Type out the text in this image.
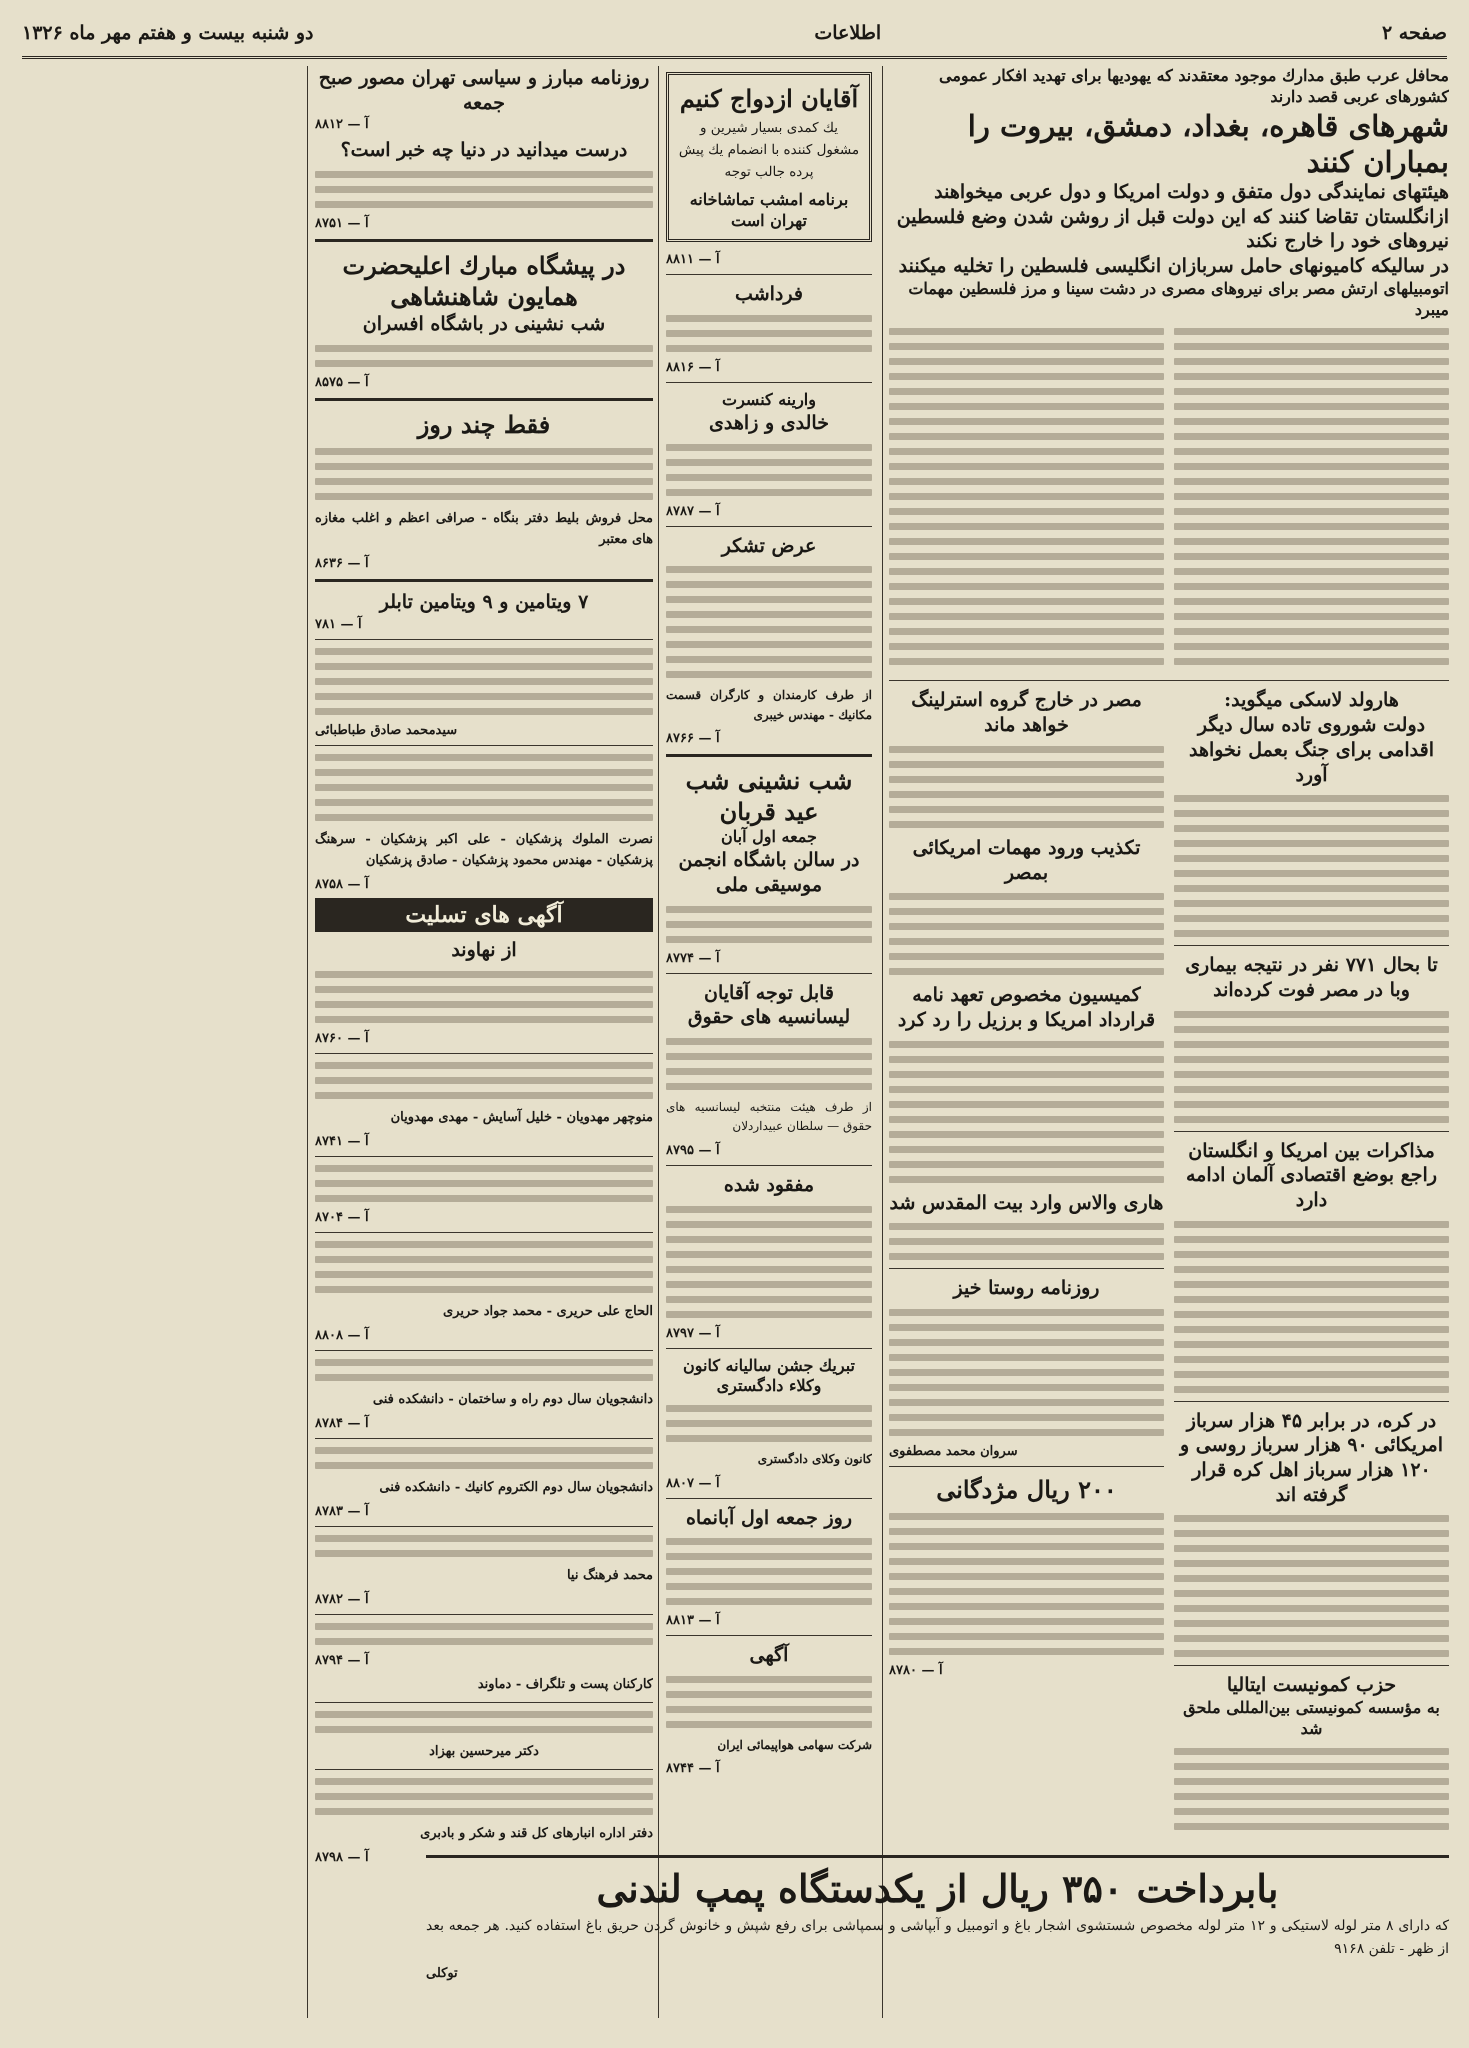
صفحه ۲
اطلاعات
دو شنبه بیست و هفتم مهر ماه ۱۳۲۶
محافل عرب طبق مدارك موجود معتقدند كه یهودیها برای تهدید افكار عمومی كشورهای عربی قصد دارند
شهرهای قاهره، بغداد، دمشق، بیروت را بمباران كنند
هیئتهای نمایندگی دول متفق و دولت امریكا و دول عربی میخواهند ازانگلستان تقاضا كنند كه این دولت قبل از روشن شدن وضع فلسطین نیروهای خود را خارج نكند
در سالیكه كامیونهای حامل سربازان انگلیسی فلسطین را تخلیه میكنند
اتومبیلهای ارتش مصر برای نیروهای مصری در دشت سینا و مرز فلسطین مهمات میبرد
هارولد لاسكی میگوید:
دولت شوروی تاده سال دیگر اقدامی برای جنگ بعمل نخواهد آورد
تا بحال ۷۷۱ نفر در نتیجه بیماری وبا در مصر فوت كرده‌اند
مذاكرات بین امریكا و انگلستان راجع بوضع اقتصادی آلمان ادامه دارد
در كره، در برابر ۴۵ هزار سرباز امریكائی ۹۰ هزار سرباز روسی و ۱۲۰ هزار سرباز اهل كره قرار گرفته اند
حزب كمونیست ایتالیا
به مؤسسه كمونیستی بین‌المللی ملحق شد
مصر در خارج گروه استرلینگ خواهد ماند
تكذیب ورود مهمات امریكائی بمصر
كمیسیون مخصوص تعهد نامه قرارداد امریكا و برزیل را رد كرد
هاری والاس وارد بیت المقدس شد
روزنامه روستا خیز
سروان محمد مصطفوی
۲۰۰ ریال مژدگانی
آ — ۸۷۸۰
آقایان ازدواج كنیم

یك كمدی بسیار شیرین و مشغول كننده با انضمام یك پیش پرده جالب توجه

برنامه امشب تماشاخانه تهران است
آ — ۸۸۱۱
فرداشب
آ — ۸۸۱۶
وارینه كنسرت
خالدی و زاهدی
آ — ۸۷۸۷
عرض تشكر

از طرف كارمندان و كارگران قسمت مكانیك - مهندس خیبری

آ — ۸۷۶۶
شب نشینی شب عید قربان
جمعه اول آبان
در سالن باشگاه انجمن موسیقی ملی
آ — ۸۷۷۴
قابل توجه آقایان لیسانسیه های حقوق

از طرف هیئت منتخبه لیسانسیه های حقوق — سلطان عبیداردلان

آ — ۸۷۹۵
مفقود شده
آ — ۸۷۹۷
تبریك جشن سالیانه كانون وكلاء دادگستری

كانون وكلای دادگستری

آ — ۸۸۰۷
روز جمعه اول آبانماه
آ — ۸۸۱۳
آگهی

شركت سهامی هواپیمائی ایران

آ — ۸۷۴۴
روزنامه مبارز و سیاسی تهران مصور صبح جمعه
آ — ۸۸۱۲
درست میدانید در دنیا چه خبر است؟
آ — ۸۷۵۱
در پیشگاه مبارك اعلیحضرت
همایون شاهنشاهی
شب نشینی در باشگاه افسران
آ — ۸۵۷۵
فقط چند روز

محل فروش بلیط دفتر بنگاه - صرافی اعظم و اغلب مغازه های معتبر

آ — ۸۶۳۶
۷ ویتامین و ۹ ویتامین تابلر
آ — ۷۸۱
سیدمحمد صادق طباطبائی

نصرت الملوك پزشكیان - علی اكبر پزشكیان - سرهنگ پزشكیان - مهندس محمود پزشكیان - صادق پزشكیان

آ — ۸۷۵۸
آگهی های تسلیت
از نهاوند
آ — ۸۷۶۰

منوچهر مهدویان - خلیل آسایش - مهدی مهدویان

آ — ۸۷۴۱
آ — ۸۷۰۴

الحاج علی حریری - محمد جواد حریری

آ — ۸۸۰۸

دانشجویان سال دوم راه و ساختمان - دانشكده فنی

آ — ۸۷۸۴

دانشجویان سال دوم الكتروم كانیك - دانشكده فنی

آ — ۸۷۸۳

محمد فرهنگ نیا

آ — ۸۷۸۲
آ — ۸۷۹۴

كاركنان پست و تلگراف - دماوند

دكتر میرحسین بهزاد

دفتر اداره انبارهای كل قند و شكر و بادبری

آ — ۸۷۹۸
بابرداخت ۳۵۰ ریال از یكدستگاه پمپ لندنی

كه دارای ۸ متر لوله لاستیكی و ۱۲ متر لوله مخصوص شستشوی اشجار باغ و اتومبیل و آبپاشی و سمپاشی برای رفع شپش و خانوش گردن حریق باغ استفاده كنید. هر جمعه بعد از ظهر - تلفن ۹۱۶۸

توكلی
